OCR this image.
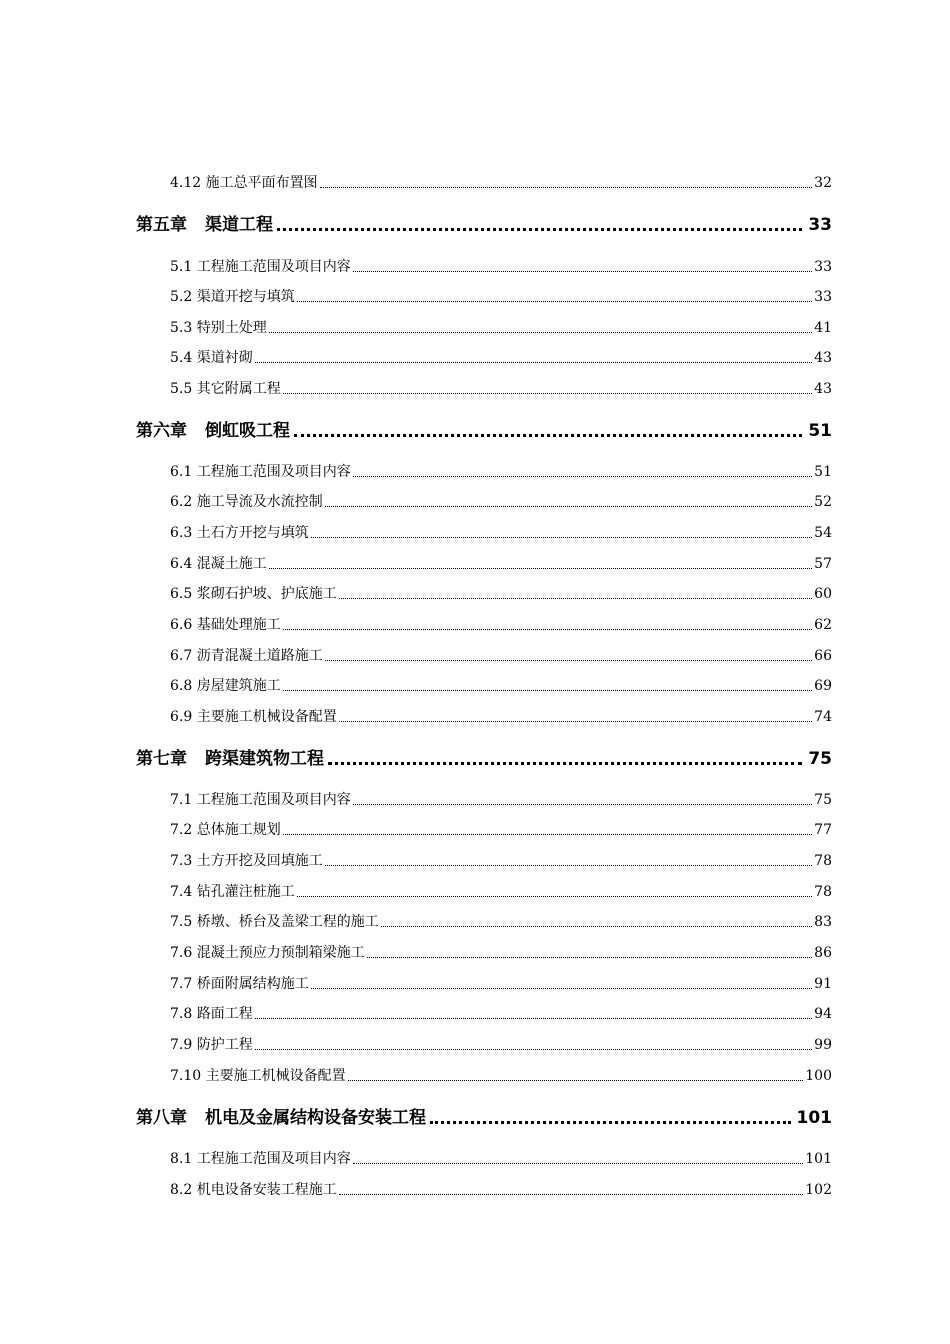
4.12 施工总平面布置图	32
第五章 渠道工程	33
5.1 工程施工范围及项目内容	33
5.2 渠道开挖与填筑	33
5.3 特别土处理	41
5.4 渠道衬砌	43
5.5 其它附属工程	43
第六章 倒虹吸工程	51
6.1 工程施工范围及项目内容	51
6.2 施工导流及水流控制	52
6.3 土石方开挖与填筑	54
6.4 混凝土施工	57
6.5 浆砌石护坡、护底施工	60
6.6 基础处理施工	62
6.7 沥青混凝土道路施工	66
6.8 房屋建筑施工	69
6.9 主要施工机械设备配置	74
第七章 跨渠建筑物工程	75
7.1 工程施工范围及项目内容	75
7.2 总体施工规划	77
7.3 土方开挖及回填施工	78
7.4 钻孔灌注桩施工	78
7.5 桥墩、桥台及盖梁工程的施工	83
7.6 混凝土预应力预制箱梁施工	86
7.7 桥面附属结构施工	91
7.8 路面工程	94
7.9 防护工程	99
7.10 主要施工机械设备配置	100
第八章 机电及金属结构设备安装工程	101
8.1 工程施工范围及项目内容	101
8.2 机电设备安装工程施工	102
